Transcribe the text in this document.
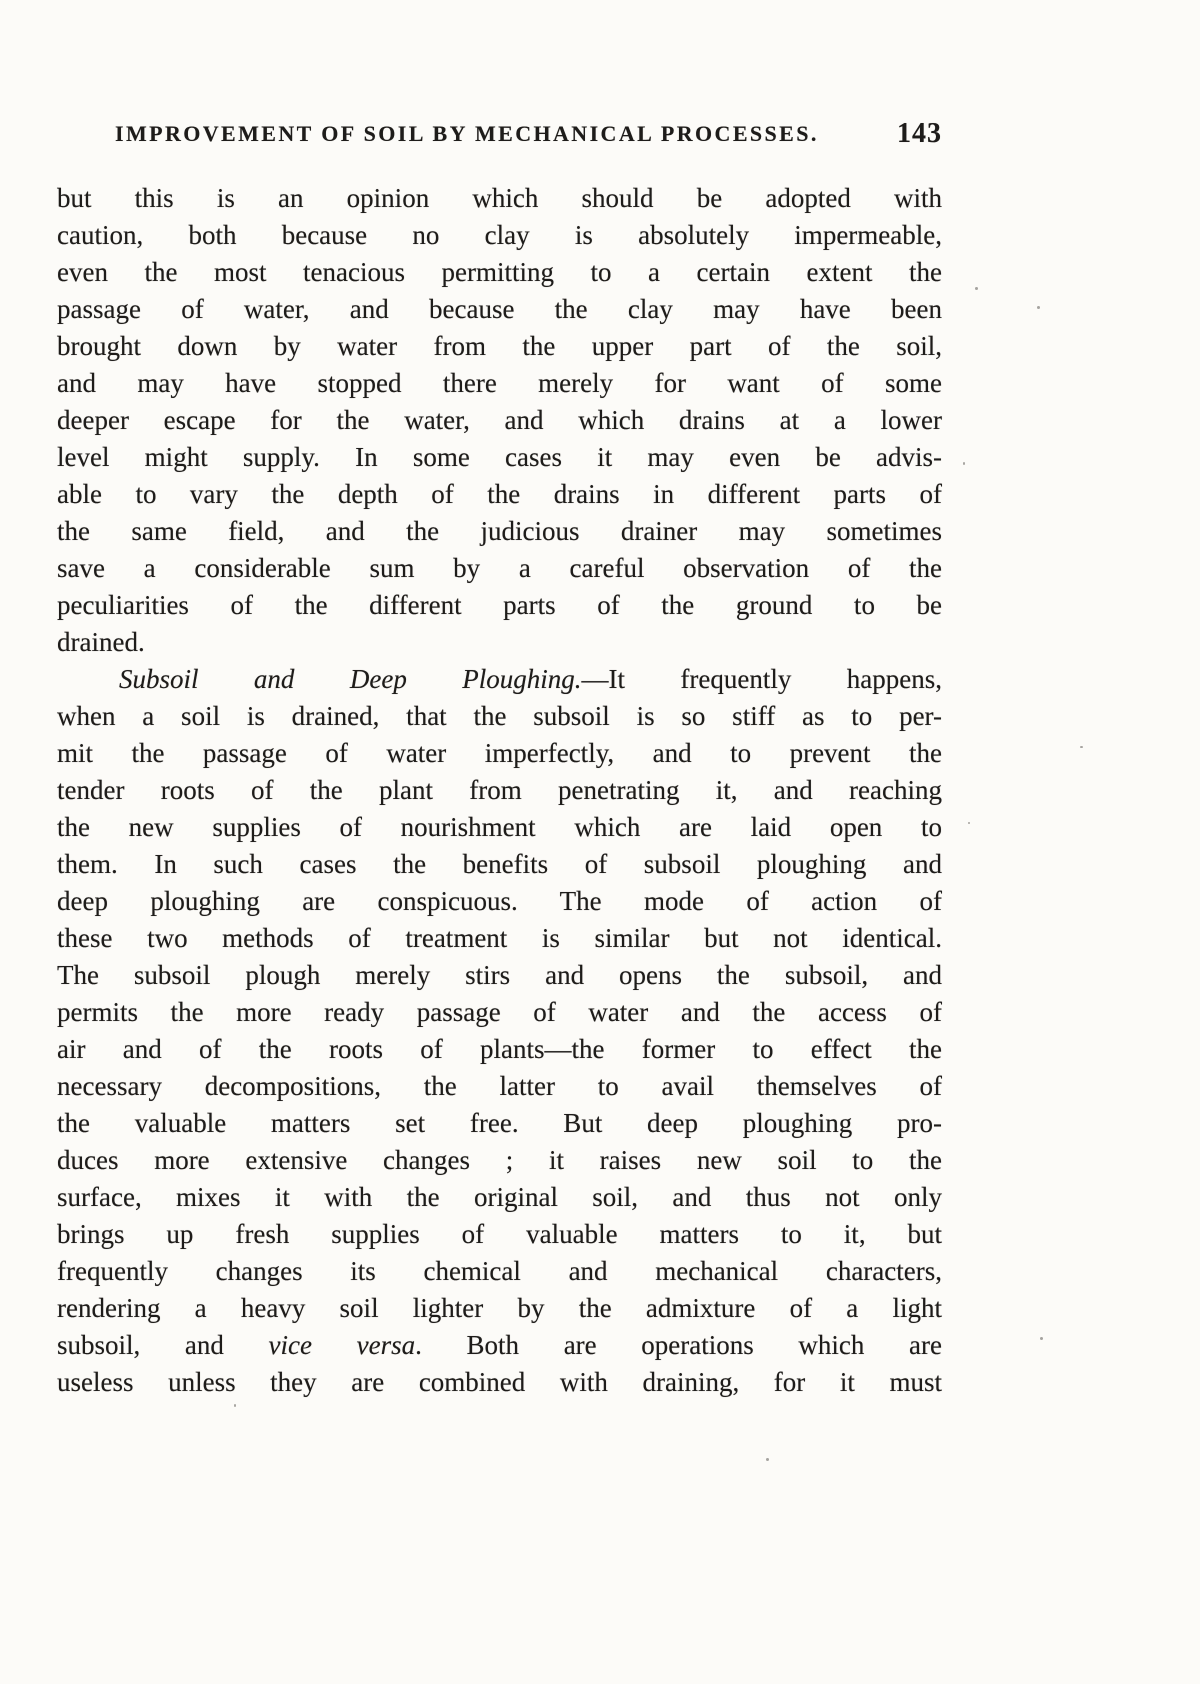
IMPROVEMENT OF SOIL BY MECHANICAL PROCESSES.	143
but this is an opinion which should be adopted with
caution, both because no clay is absolutely impermeable,
even the most tenacious permitting to a certain extent the
passage of water, and because the clay may have been
brought down by water from the upper part of the soil,
and may have stopped there merely for want of some
deeper escape for the water, and which drains at a lower
level might supply. In some cases it may even be advis-
able to vary the depth of the drains in different parts of
the same field, and the judicious drainer may sometimes
save a considerable sum by a careful observation of the
peculiarities of the different parts of the ground to be
drained.
Subsoil and Deep Ploughing.—It frequently happens,
when a soil is drained, that the subsoil is so stiff as to per-
mit the passage of water imperfectly, and to prevent the
tender roots of the plant from penetrating it, and reaching
the new supplies of nourishment which are laid open to
them. In such cases the benefits of subsoil ploughing and
deep ploughing are conspicuous. The mode of action of
these two methods of treatment is similar but not identical.
The subsoil plough merely stirs and opens the subsoil, and
permits the more ready passage of water and the access of
air and of the roots of plants—the former to effect the
necessary decompositions, the latter to avail themselves of
the valuable matters set free. But deep ploughing pro-
duces more extensive changes ; it raises new soil to the
surface, mixes it with the original soil, and thus not only
brings up fresh supplies of valuable matters to it, but
frequently changes its chemical and mechanical characters,
rendering a heavy soil lighter by the admixture of a light
subsoil, and vice versa. Both are operations which are
useless unless they are combined with draining, for it must
